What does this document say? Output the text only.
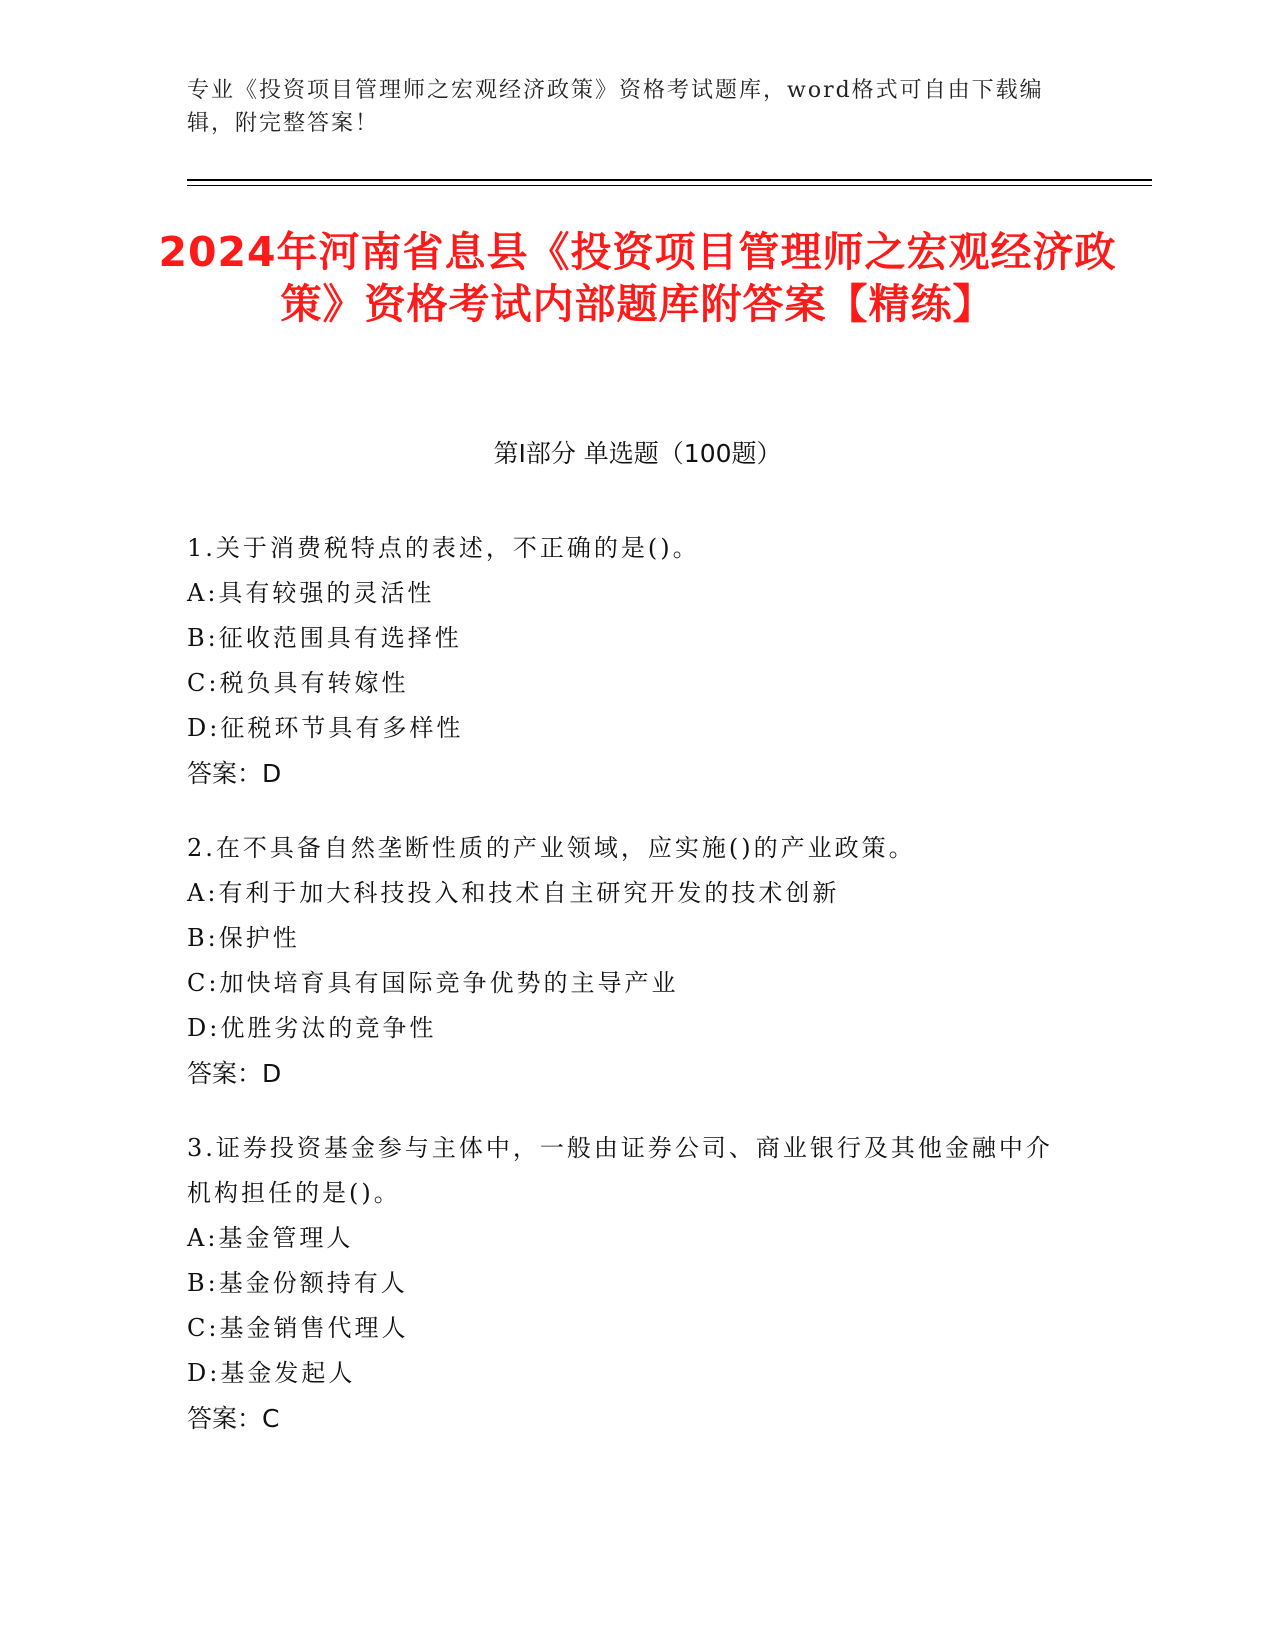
专业《投资项目管理师之宏观经济政策》资格考试题库，word格式可自由下载编辑，附完整答案！
2024年河南省息县《投资项目管理师之宏观经济政策》资格考试内部题库附答案【精练】
第I部分 单选题（100题）
1.关于消费税特点的表述，不正确的是()。
A:具有较强的灵活性
B:征收范围具有选择性
C:税负具有转嫁性
D:征税环节具有多样性
答案：D
2.在不具备自然垄断性质的产业领域，应实施()的产业政策。
A:有利于加大科技投入和技术自主研究开发的技术创新
B:保护性
C:加快培育具有国际竞争优势的主导产业
D:优胜劣汰的竞争性
答案：D
3.证券投资基金参与主体中，一般由证券公司、商业银行及其他金融中介机构担任的是()。
A:基金管理人
B:基金份额持有人
C:基金销售代理人
D:基金发起人
答案：C
